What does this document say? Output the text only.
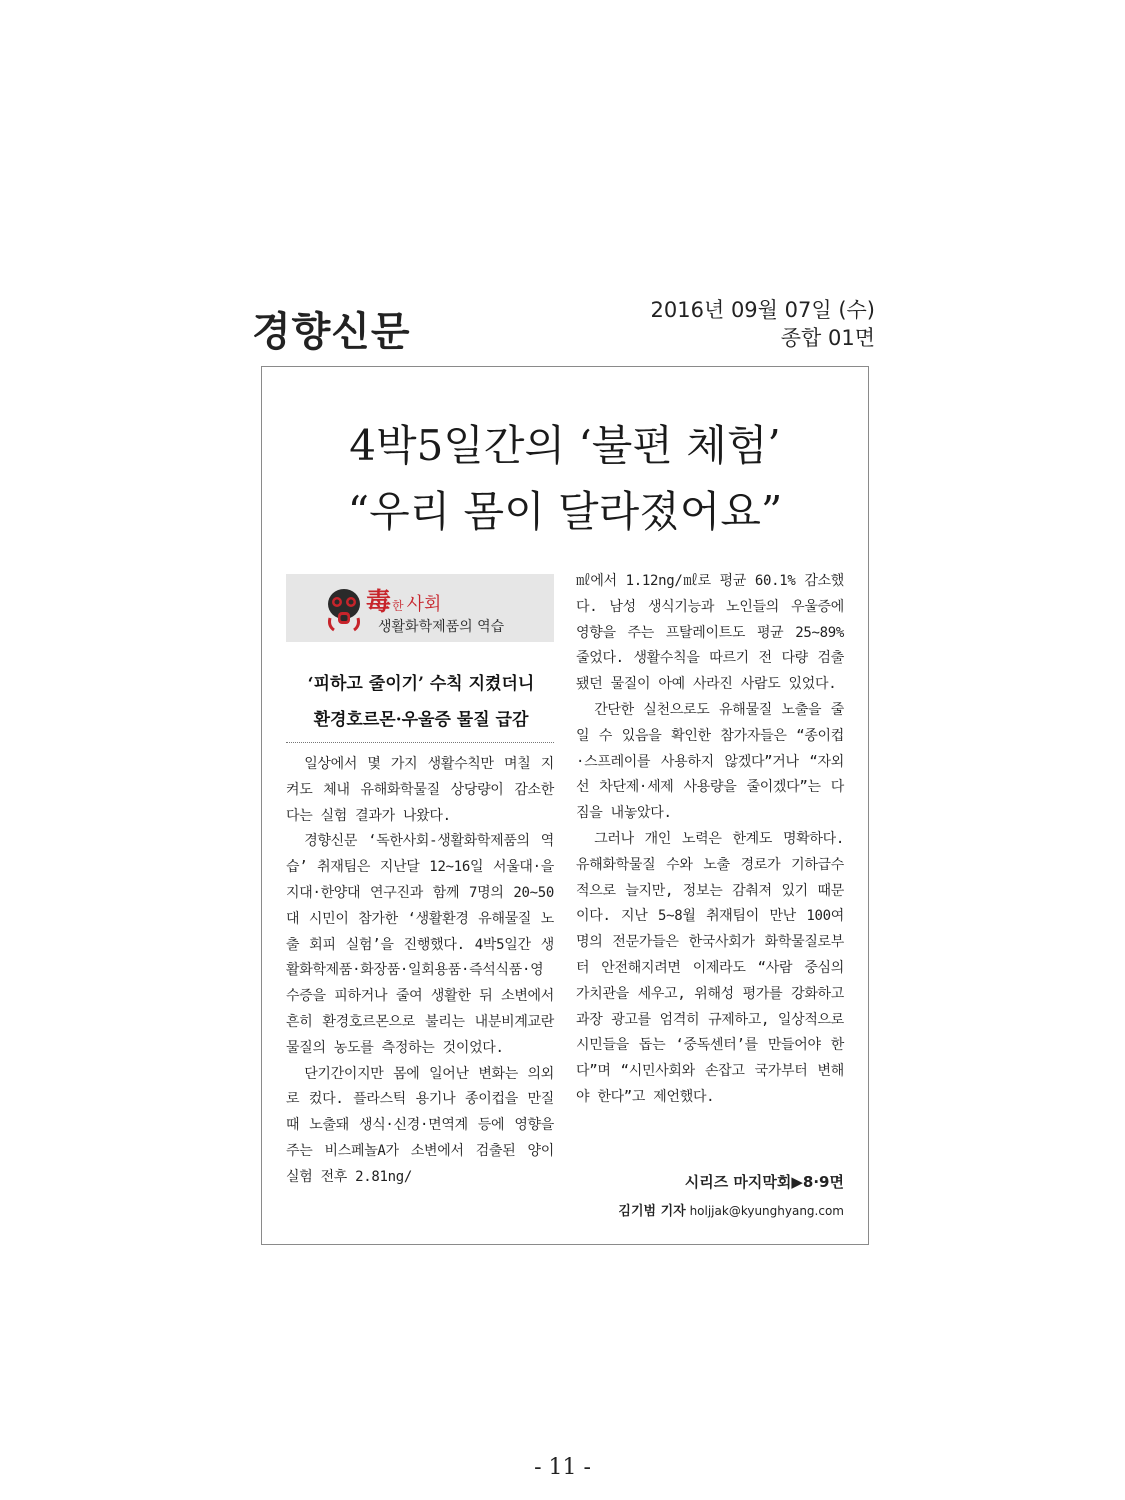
경향신문	2016년 09월 07일 (수)
종합 01면
4박5일간의 ‘불편 체험’
“우리 몸이 달라졌어요”
毒한 사회
생활화학제품의 역습
‘피하고 줄이기’ 수칙 지켰더니
환경호르몬·우울증 물질 급감

일상에서 몇 가지 생활수칙만 며칠 지켜도 체내 유해화학물질 상당량이 감소한다는 실험 결과가 나왔다.

경향신문 ‘독한사회-생활화학제품의 역습’ 취재팀은 지난달 12~16일 서울대·을지대·한양대 연구진과 함께 7명의 20~50대 시민이 참가한 ‘생활환경 유해물질 노출 회피 실험’을 진행했다. 4박5일간 생활화학제품·화장품·일회용품·즉석식품·영수증을 피하거나 줄여 생활한 뒤 소변에서 흔히 환경호르몬으로 불리는 내분비계교란물질의 농도를 측정하는 것이었다.

단기간이지만 몸에 일어난 변화는 의외로 컸다. 플라스틱 용기나 종이컵을 만질 때 노출돼 생식·신경·면역계 등에 영향을 주는 비스페놀A가 소변에서 검출된 양이 실험 전후 2.81ng/

㎖에서 1.12ng/㎖로 평균 60.1% 감소했다. 남성 생식기능과 노인들의 우울증에 영향을 주는 프탈레이트도 평균 25~89% 줄었다. 생활수칙을 따르기 전 다량 검출됐던 물질이 아예 사라진 사람도 있었다.

간단한 실천으로도 유해물질 노출을 줄일 수 있음을 확인한 참가자들은 “종이컵·스프레이를 사용하지 않겠다”거나 “자외선 차단제·세제 사용량을 줄이겠다”는 다짐을 내놓았다.

그러나 개인 노력은 한계도 명확하다. 유해화학물질 수와 노출 경로가 기하급수적으로 늘지만, 정보는 감춰져 있기 때문이다. 지난 5~8월 취재팀이 만난 100여명의 전문가들은 한국사회가 화학물질로부터 안전해지려면 이제라도 “사람 중심의 가치관을 세우고, 위해성 평가를 강화하고 과장 광고를 엄격히 규제하고, 일상적으로 시민들을 돕는 ‘중독센터’를 만들어야 한다”며 “시민사회와 손잡고 국가부터 변해야 한다”고 제언했다.

시리즈 마지막회▶8·9면
김기범 기자 holjjak@kyunghyang.com
- 11 -
